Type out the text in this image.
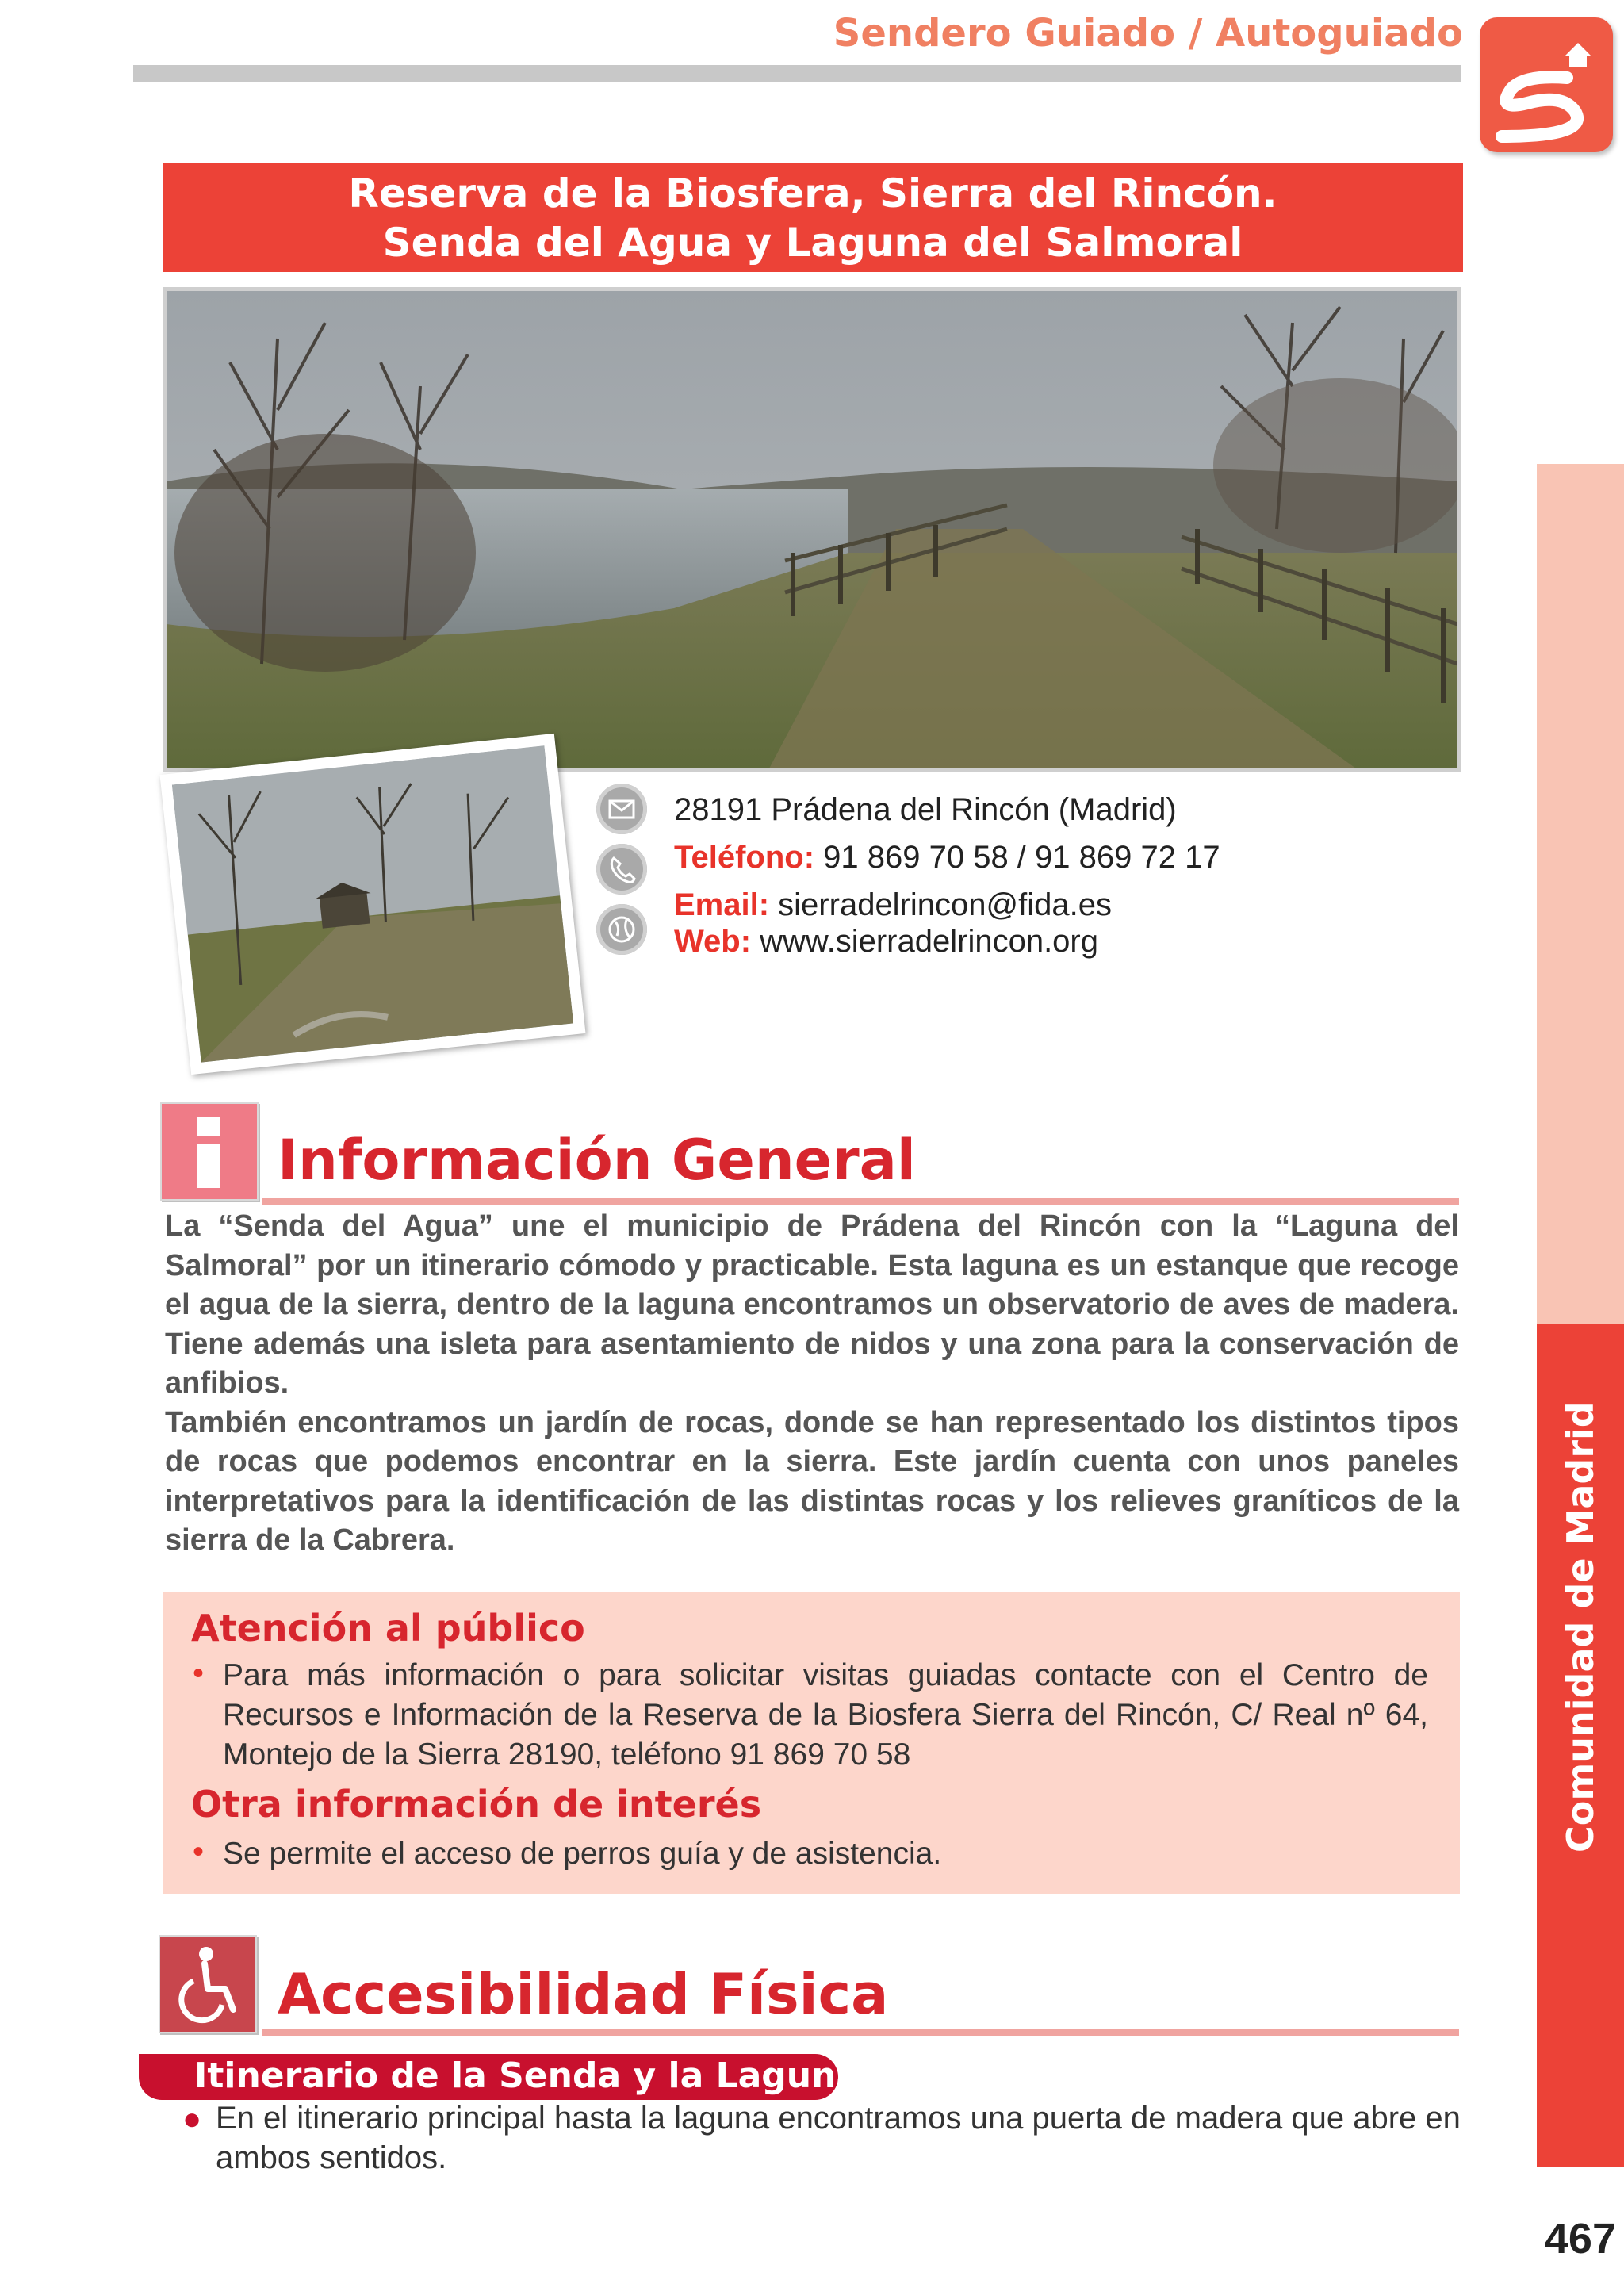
Sendero Guiado / Autoguiado
Reserva de la Biosfera, Sierra del Rincón.
Senda del Agua y Laguna del Salmoral
28191 Prádena del Rincón (Madrid)
Teléfono: 91 869 70 58 / 91 869 72 17
Email: sierradelrincon@fida.es
Web: www.sierradelrincon.org
Información General

La “Senda del Agua” une el municipio de Prádena del Rincón con la “Laguna del Salmoral” por un itinerario cómodo y practicable. Esta laguna es un estanque que recoge el agua de la sierra, dentro de la laguna encontramos un observatorio de aves de madera. Tiene además una isleta para asentamiento de nidos y una zona para la conservación de anfibios.

También encontramos un jardín de rocas, donde se han representado los distintos tipos de rocas que podemos encontrar en la sierra. Este jardín cuenta con unos paneles interpretativos para la identificación de las distintas rocas y los relieves graníticos de la sierra de la Cabrera.

Atención al público
• Para más información o para solicitar visitas guiadas contacte con el Centro de Recursos e Información de la Reserva de la Biosfera Sierra del Rincón, C/ Real nº 64, Montejo de la Sierra 28190, teléfono 91 869 70 58
Otra información de interés
• Se permite el acceso de perros guía y de asistencia.
Accesibilidad Física
Itinerario de la Senda y la Laguna
● En el itinerario principal hasta la laguna encontramos una puerta de madera que abre en ambos sentidos.
467
